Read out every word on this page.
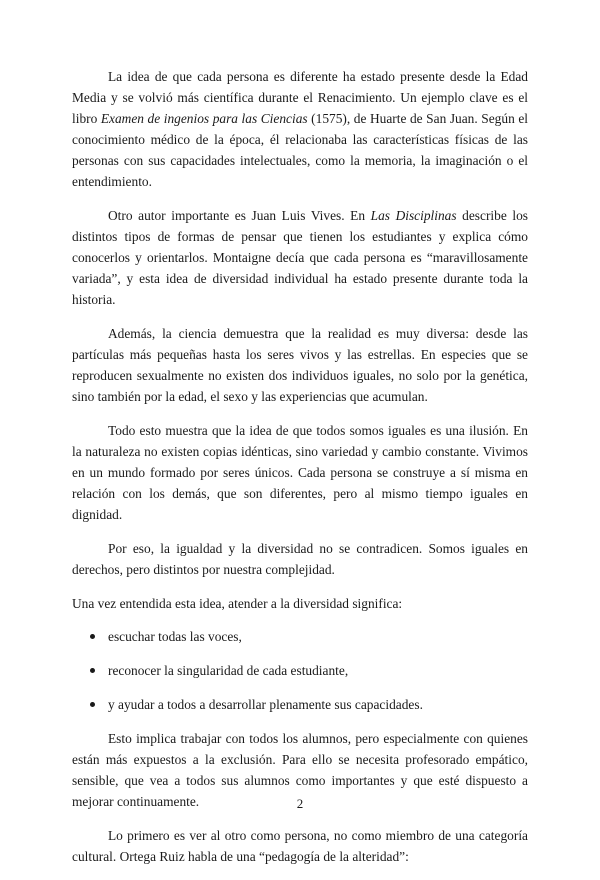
La idea de que cada persona es diferente ha estado presente desde la Edad Media y se volvió más científica durante el Renacimiento. Un ejemplo clave es el libro Examen de ingenios para las Ciencias (1575), de Huarte de San Juan. Según el conocimiento médico de la época, él relacionaba las características físicas de las personas con sus capacidades intelectuales, como la memoria, la imaginación o el entendimiento.

Otro autor importante es Juan Luis Vives. En Las Disciplinas describe los distintos tipos de formas de pensar que tienen los estudiantes y explica cómo conocerlos y orientarlos. Montaigne decía que cada persona es “maravillosamente variada”, y esta idea de diversidad individual ha estado presente durante toda la historia.

Además, la ciencia demuestra que la realidad es muy diversa: desde las partículas más pequeñas hasta los seres vivos y las estrellas. En especies que se reproducen sexualmente no existen dos individuos iguales, no solo por la genética, sino también por la edad, el sexo y las experiencias que acumulan.

Todo esto muestra que la idea de que todos somos iguales es una ilusión. En la naturaleza no existen copias idénticas, sino variedad y cambio constante. Vivimos en un mundo formado por seres únicos. Cada persona se construye a sí misma en relación con los demás, que son diferentes, pero al mismo tiempo iguales en dignidad.

Por eso, la igualdad y la diversidad no se contradicen. Somos iguales en derechos, pero distintos por nuestra complejidad.

Una vez entendida esta idea, atender a la diversidad significa:

escuchar todas las voces,
reconocer la singularidad de cada estudiante,
y ayudar a todos a desarrollar plenamente sus capacidades.

Esto implica trabajar con todos los alumnos, pero especialmente con quienes están más expuestos a la exclusión. Para ello se necesita profesorado empático, sensible, que vea a todos sus alumnos como importantes y que esté dispuesto a mejorar continuamente.

Lo primero es ver al otro como persona, no como miembro de una categoría cultural. Ortega Ruiz habla de una “pedagogía de la alteridad”:

2
